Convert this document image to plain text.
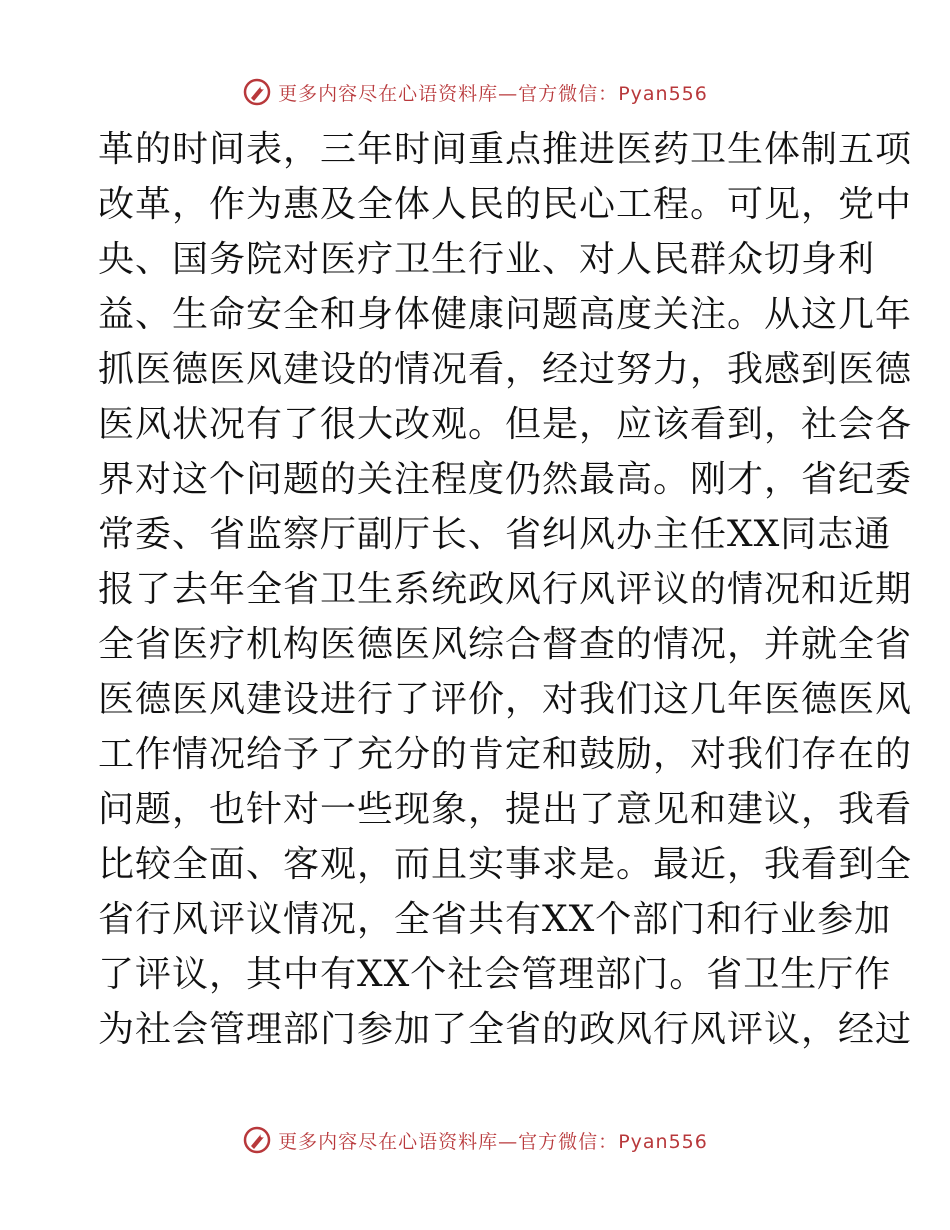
更多内容尽在心语资料库—官方微信：Pyan556
革的时间表，三年时间重点推进医药卫生体制五项
改革，作为惠及全体人民的民心工程。可见，党中
央、国务院对医疗卫生行业、对人民群众切身利
益、生命安全和身体健康问题高度关注。从这几年
抓医德医风建设的情况看，经过努力，我感到医德
医风状况有了很大改观。但是，应该看到，社会各
界对这个问题的关注程度仍然最高。刚才，省纪委
常委、省监察厅副厅长、省纠风办主任XX同志通
报了去年全省卫生系统政风行风评议的情况和近期
全省医疗机构医德医风综合督查的情况，并就全省
医德医风建设进行了评价，对我们这几年医德医风
工作情况给予了充分的肯定和鼓励，对我们存在的
问题，也针对一些现象，提出了意见和建议，我看
比较全面、客观，而且实事求是。最近，我看到全
省行风评议情况，全省共有XX个部门和行业参加
了评议，其中有XX个社会管理部门。省卫生厅作
为社会管理部门参加了全省的政风行风评议，经过
更多内容尽在心语资料库—官方微信：Pyan556
